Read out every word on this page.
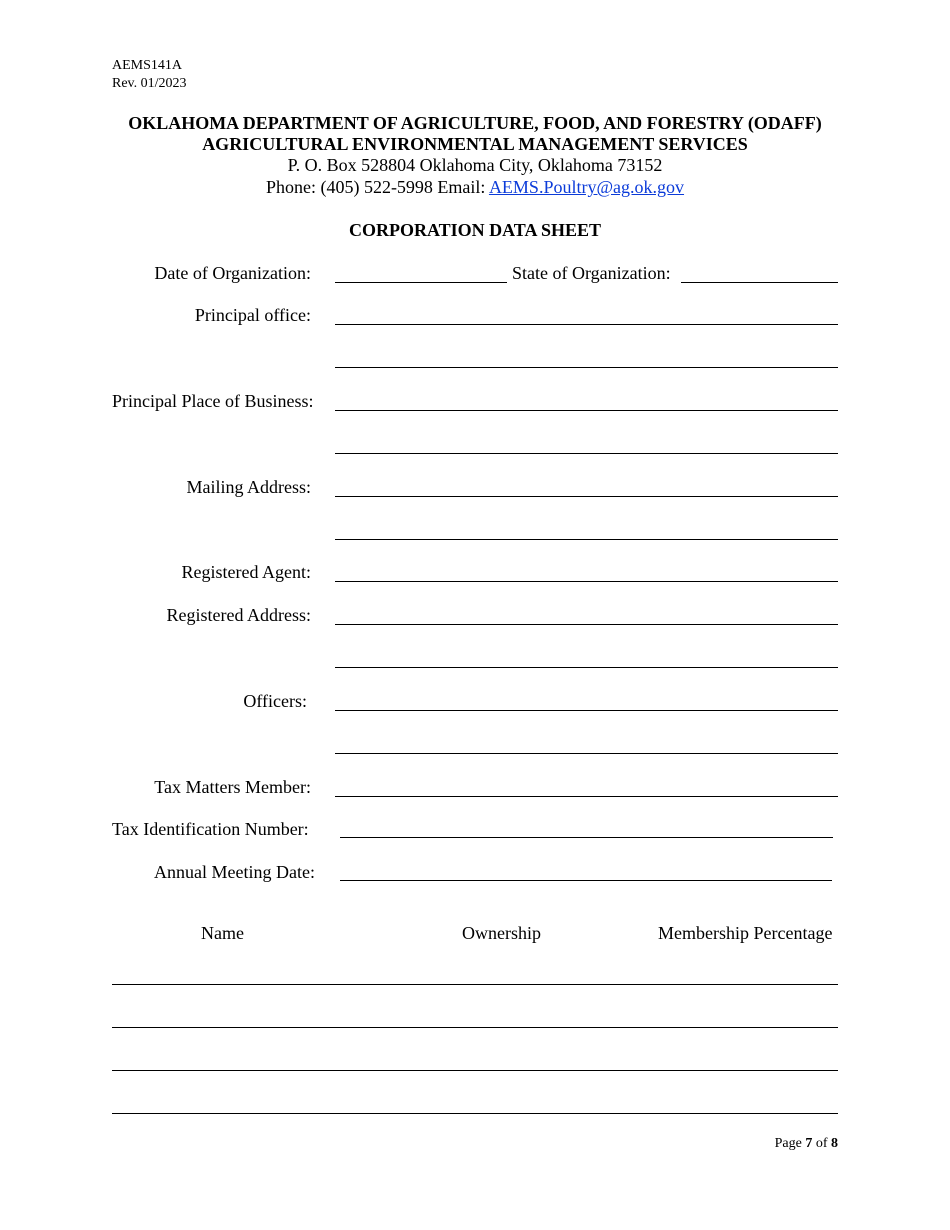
AEMS141A
Rev. 01/2023
OKLAHOMA DEPARTMENT OF AGRICULTURE, FOOD, AND FORESTRY (ODAFF)
AGRICULTURAL ENVIRONMENTAL MANAGEMENT SERVICES
P. O. Box 528804 Oklahoma City, Oklahoma 73152
Phone: (405) 522-5998 Email: AEMS.Poultry@ag.ok.gov
CORPORATION DATA SHEET
Date of Organization:	State of Organization:
Principal office:
Principal Place of Business:
Mailing Address:
Registered Agent:
Registered Address:
Officers:
Tax Matters Member:
Tax Identification Number:
Annual Meeting Date:
Name	Ownership	Membership Percentage
Page 7 of 8
